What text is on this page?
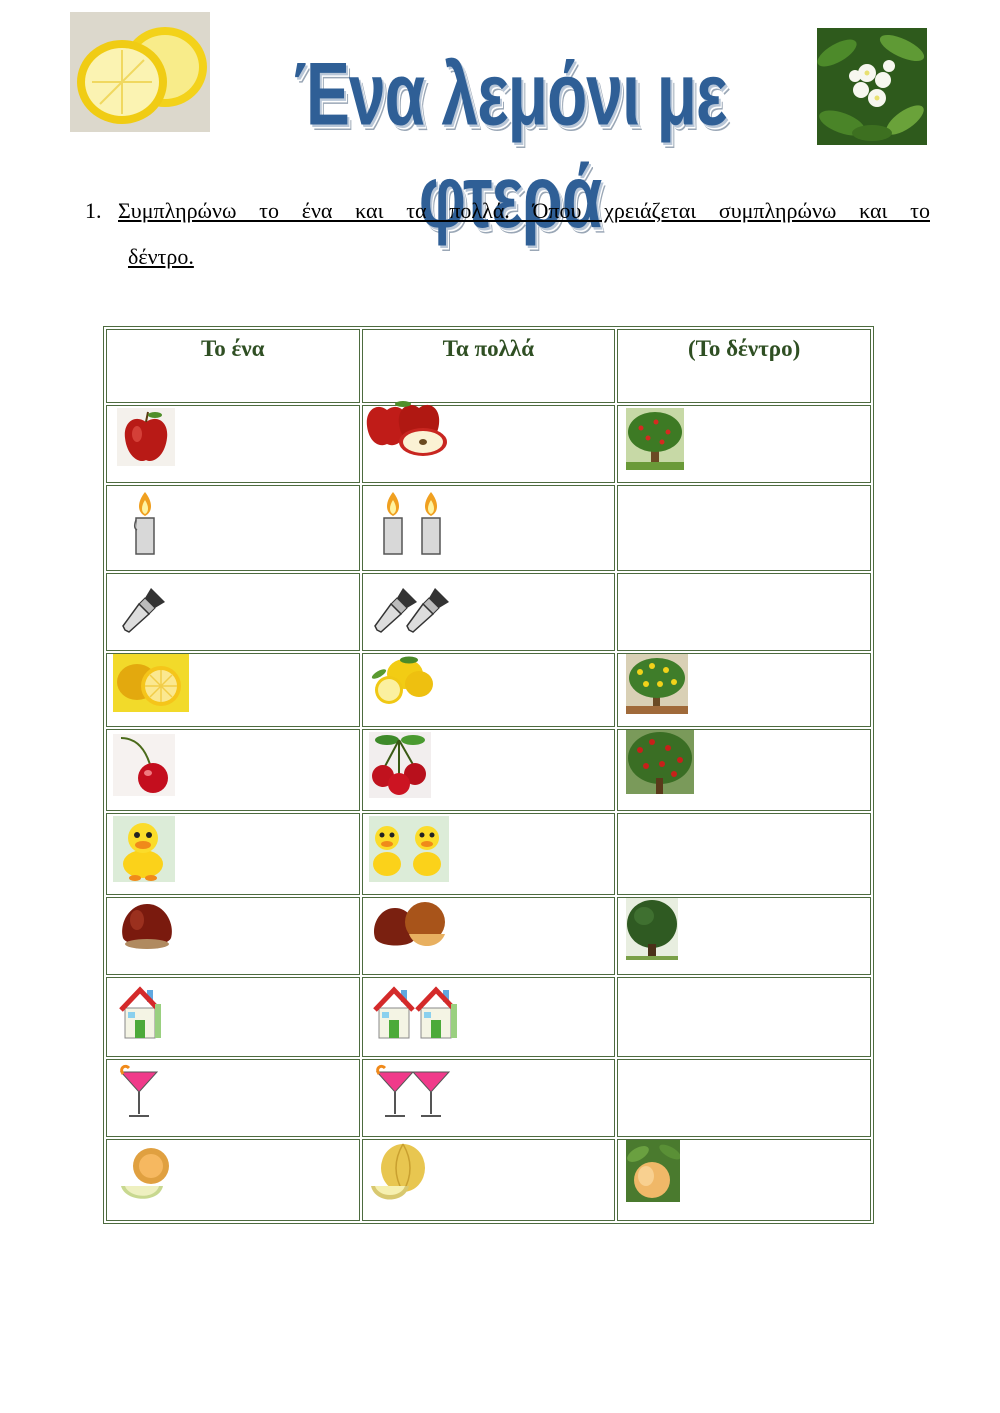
Ένα λεμόνι με φτερά
1. Συμπληρώνω το ένα και τα πολλά. Όπου χρειάζεται συμπληρώνω και το
δέντρο.
Το ένα	Τα πολλά	(Το δέντρο)
